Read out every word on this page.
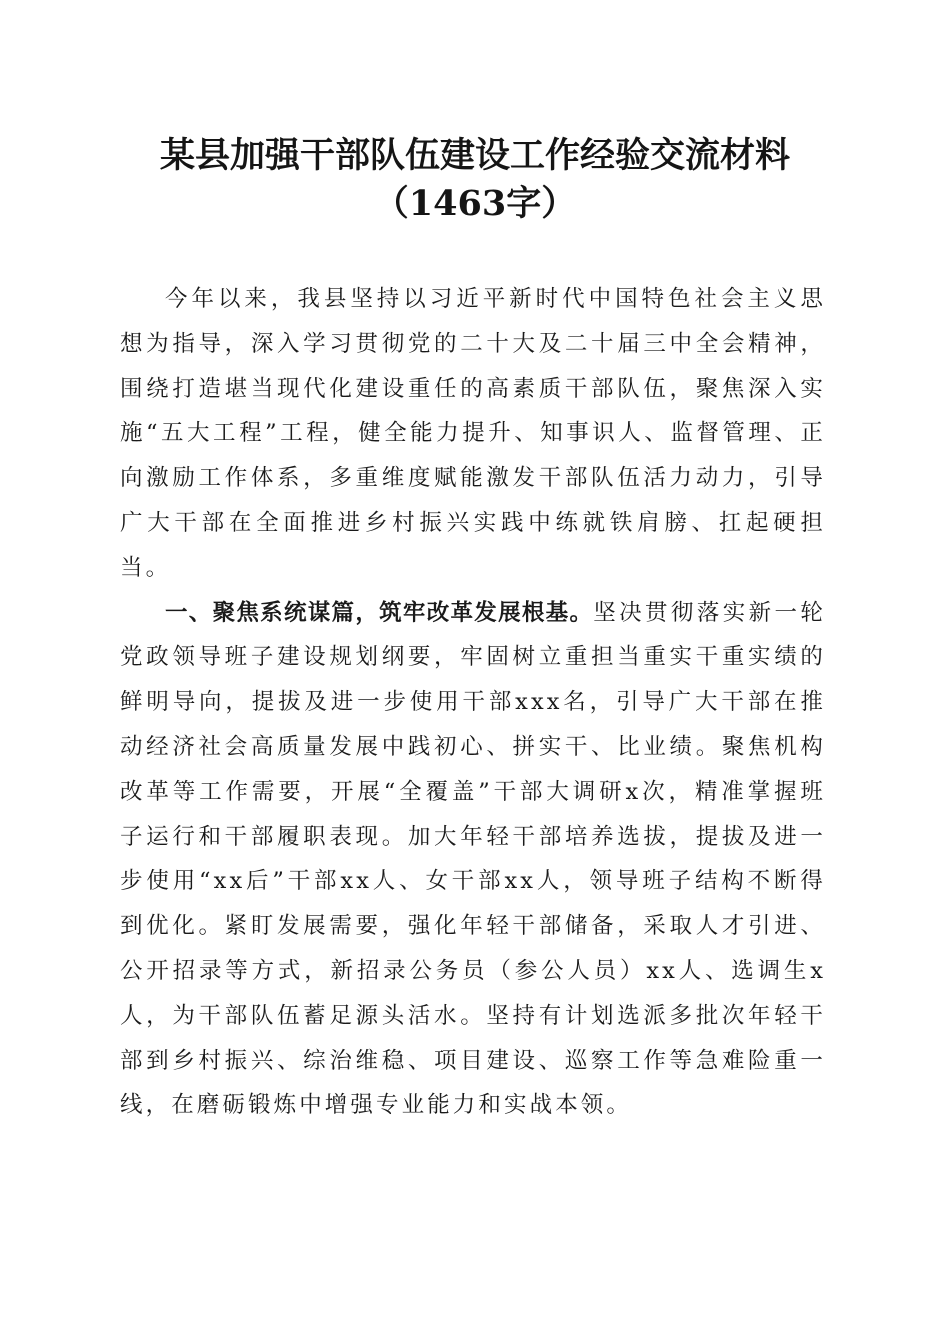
某县加强干部队伍建设工作经验交流材料
（1463字）

今年以来，我县坚持以习近平新时代中国特色社会主义思想为指导，深入学习贯彻党的二十大及二十届三中全会精神，围绕打造堪当现代化建设重任的高素质干部队伍，聚焦深入实施“五大工程”工程，健全能力提升、知事识人、监督管理、正向激励工作体系，多重维度赋能激发干部队伍活力动力，引导广大干部在全面推进乡村振兴实践中练就铁肩膀、扛起硬担当。

一、聚焦系统谋篇，筑牢改革发展根基。坚决贯彻落实新一轮党政领导班子建设规划纲要，牢固树立重担当重实干重实绩的鲜明导向，提拔及进一步使用干部xxx名，引导广大干部在推动经济社会高质量发展中践初心、拼实干、比业绩。聚焦机构改革等工作需要，开展“全覆盖”干部大调研x次，精准掌握班子运行和干部履职表现。加大年轻干部培养选拔，提拔及进一步使用“xx后”干部xx人、女干部xx人，领导班子结构不断得到优化。紧盯发展需要，强化年轻干部储备，采取人才引进、公开招录等方式，新招录公务员（参公人员）xx人、选调生x人，为干部队伍蓄足源头活水。坚持有计划选派多批次年轻干部到乡村振兴、综治维稳、项目建设、巡察工作等急难险重一线，在磨砺锻炼中增强专业能力和实战本领。
